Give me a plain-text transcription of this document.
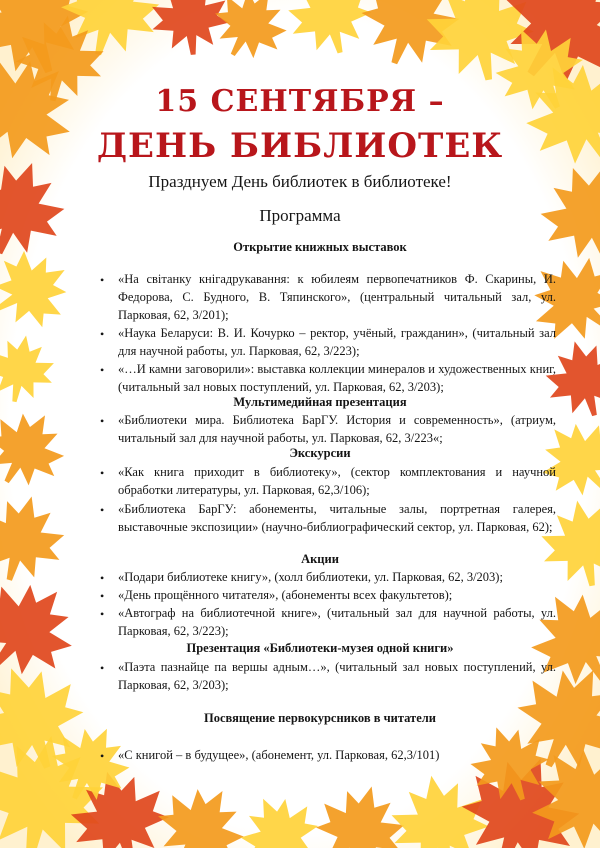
15 СЕНТЯБРЯ –
ДЕНЬ БИБЛИОТЕК
Празднуем День библиотек в библиотеке!
Программа
Открытие книжных выставок
• «На світанку кнігадрукавання: к юбилеям первопечатников Ф. Скарины, И. Федорова, С. Будного, В. Тяпинского», (центральный читальный зал, ул. Парковая, 62, 3/201);
• «Наука Беларуси: В. И. Кочурко – ректор, учёный, гражданин», (читальный зал для научной работы, ул. Парковая, 62, 3/223);
• «…И камни заговорили»: выставка коллекции минералов и художественных книг, (читальный зал новых поступлений, ул. Парковая, 62, 3/203);
Мультимедийная презентация
• «Библиотеки мира. Библиотека БарГУ. История и современность», (атриум, читальный зал для научной работы, ул. Парковая, 62, 3/223«;
Экскурсии
• «Как книга приходит в библиотеку», (сектор комплектования и научной обработки литературы, ул. Парковая, 62,3/106);
• «Библиотека БарГУ: абонементы, читальные залы, портретная галерея, выставочные экспозиции» (научно-библиографический сектор, ул. Парковая, 62);
Акции
• «Подари библиотеке книгу», (холл библиотеки, ул. Парковая, 62, 3/203);
• «День прощённого читателя», (абонементы всех факультетов);
• «Автограф на библиотечной книге», (читальный зал для научной работы, ул. Парковая, 62, 3/223);
Презентация «Библиотеки-музея одной книги»
• «Паэта пазнайце па вершы адным…», (читальный зал новых поступлений, ул. Парковая, 62, 3/203);
Посвящение первокурсников в читатели
• «С книгой – в будущее», (абонемент, ул. Парковая, 62,3/101)
